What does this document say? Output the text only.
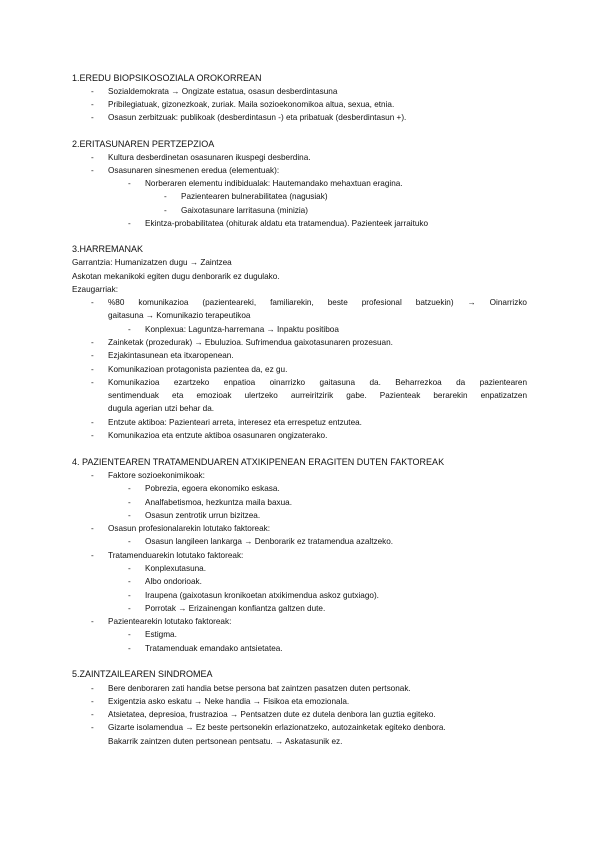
1.EREDU BIOPSIKOSOZIALA OROKORREAN
- Sozialdemokrata → Ongizate estatua, osasun desberdintasuna
- Pribilegiatuak, gizonezkoak, zuriak. Maila sozioekonomikoa altua, sexua, etnia.
- Osasun zerbitzuak: publikoak (desberdintasun -) eta pribatuak (desberdintasun +).
2.ERITASUNAREN PERTZEPZIOA
- Kultura desberdinetan osasunaren ikuspegi desberdina.
- Osasunaren sinesmenen eredua (elementuak):
- Norberaren elementu indibidualak: Hautemandako mehaxtuan eragina.
- Pazientearen bulnerabilitatea (nagusiak)
- Gaixotasunare larritasuna (minizia)
- Ekintza-probabilitatea (ohiturak aldatu eta tratamendua). Pazienteek jarraituko
3.HARREMANAK
Garrantzia: Humanizatzen dugu → Zaintzea
Askotan mekanikoki egiten dugu denborarik ez dugulako.
Ezaugarriak:
- %80 komunikazioa (pazienteareki, familiarekin, beste profesional batzuekin) → Oinarrizko
gaitasuna → Komunikazio terapeutikoa
- Konplexua: Laguntza-harremana → Inpaktu positiboa
- Zainketak (prozedurak) → Ebuluzioa. Sufrimendua gaixotasunaren prozesuan.
- Ezjakintasunean eta itxaropenean.
- Komunikazioan protagonista pazientea da, ez gu.
- Komunikazioa ezartzeko enpatioa oinarrizko gaitasuna da. Beharrezkoa da pazientearen
sentimenduak eta emozioak ulertzeko aurreiritzirik gabe. Pazienteak berarekin enpatizatzen
dugula agerian utzi behar da.
- Entzute aktiboa: Pazienteari arreta, interesez eta errespetuz entzutea.
- Komunikazioa eta entzute aktiboa osasunaren ongizaterako.
4. PAZIENTEAREN TRATAMENDUAREN ATXIKIPENEAN ERAGITEN DUTEN FAKTOREAK
- Faktore sozioekonimikoak:
- Pobrezia, egoera ekonomiko eskasa.
- Analfabetismoa, hezkuntza maila baxua.
- Osasun zentrotik urrun bizitzea.
- Osasun profesionalarekin lotutako faktoreak:
- Osasun langileen lankarga → Denborarik ez tratamendua azaltzeko.
- Tratamenduarekin lotutako faktoreak:
- Konplexutasuna.
- Albo ondorioak.
- Iraupena (gaixotasun kronikoetan atxikimendua askoz gutxiago).
- Porrotak → Erizainengan konfiantza galtzen dute.
- Pazientearekin lotutako faktoreak:
- Estigma.
- Tratamenduak emandako antsietatea.
5.ZAINTZAILEAREN SINDROMEA
- Bere denboraren zati handia betse persona bat zaintzen pasatzen duten pertsonak.
- Exigentzia asko eskatu → Neke handia → Fisikoa eta emozionala.
- Atsietatea, depresioa, frustrazioa → Pentsatzen dute ez dutela denbora lan guztia egiteko.
- Gizarte isolamendua → Ez beste pertsonekin erlazionatzeko, autozainketak egiteko denbora.
Bakarrik zaintzen duten pertsonean pentsatu. → Askatasunik ez.
